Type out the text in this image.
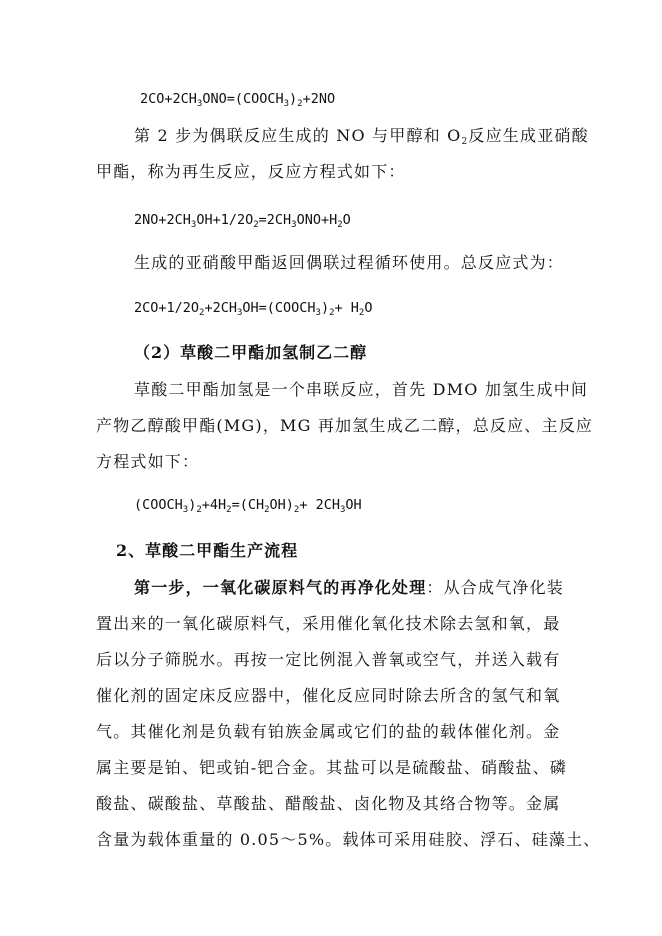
$2CO+2CH_3ONO=(COOCH_3)_2+2NO$
第 2 步为偶联反应生成的 NO 与甲醇和 $O_2$反应生成亚硝酸
甲酯，称为再生反应，反应方程式如下：
$2NO+2CH_3OH+1/2O_2=2CH_3ONO+H_2O$
生成的亚硝酸甲酯返回偶联过程循环使用。总反应式为：
$2CO+1/2O_2+2CH_3OH=(COOCH_3)_2+ H_2O$
（2）草酸二甲酯加氢制乙二醇
草酸二甲酯加氢是一个串联反应，首先 DMO 加氢生成中间
产物乙醇酸甲酯(MG)，MG 再加氢生成乙二醇，总反应、主反应
方程式如下：
$(COOCH_3)_2+4H_2=(CH_2OH)_2+ 2CH_3OH$
2、草酸二甲酯生产流程
第一步，一氧化碳原料气的再净化处理：从合成气净化装
置出来的一氧化碳原料气，采用催化氧化技术除去氢和氧，最
后以分子筛脱水。再按一定比例混入普氧或空气，并送入载有
催化剂的固定床反应器中，催化反应同时除去所含的氢气和氧
气。其催化剂是负载有铂族金属或它们的盐的载体催化剂。金
属主要是铂、钯或铂-钯合金。其盐可以是硫酸盐、硝酸盐、磷
酸盐、碳酸盐、草酸盐、醋酸盐、卤化物及其络合物等。金属
含量为载体重量的 0.05～5%。载体可采用硅胶、浮石、硅藻土、
